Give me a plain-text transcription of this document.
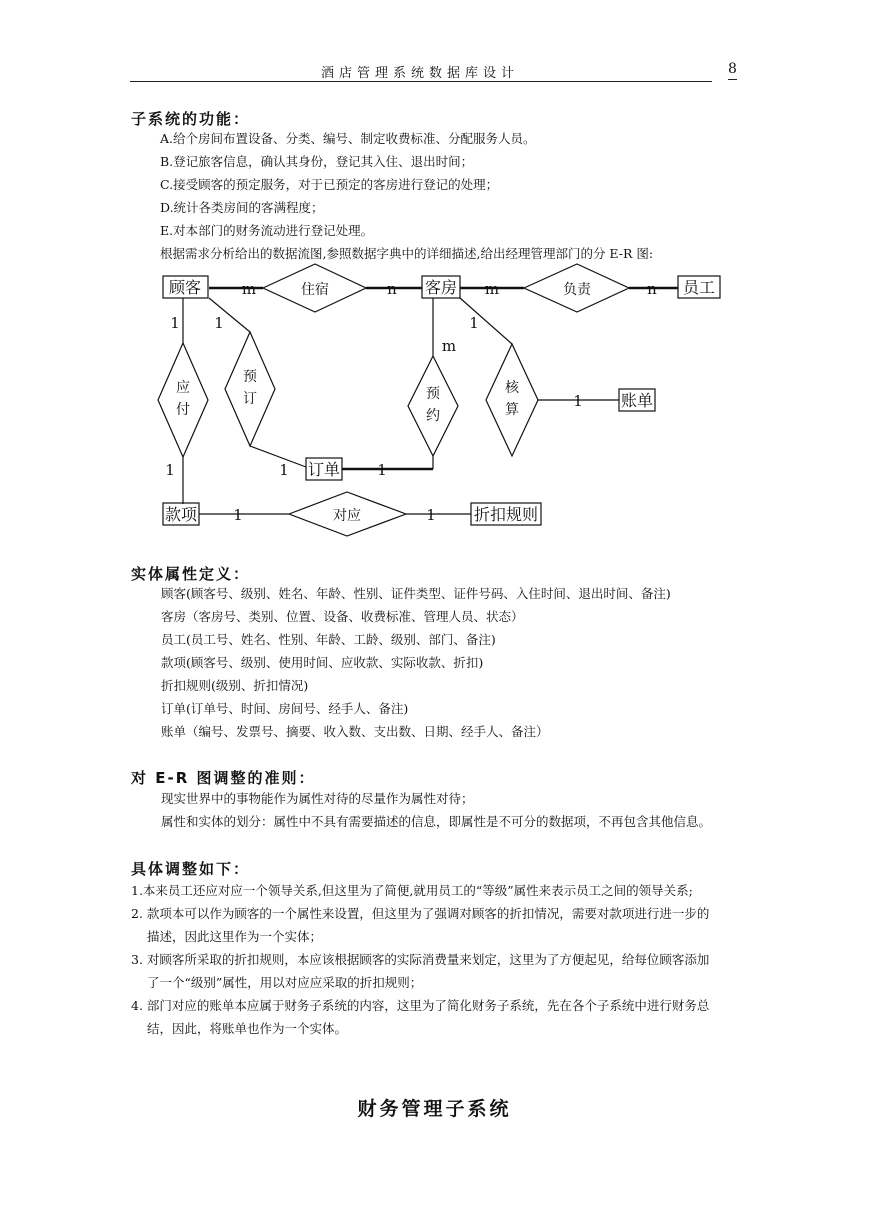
酒店管理系统数据库设计	8
子系统的功能：
A.给个房间布置设备、分类、编号、制定收费标准、分配服务人员。
B.登记旅客信息，确认其身份，登记其入住、退出时间；
C.接受顾客的预定服务，对于已预定的客房进行登记的处理；
D.统计各类房间的客满程度；
E.对本部门的财务流动进行登记处理。
根据需求分析给出的数据流图,参照数据字典中的详细描述,给出经理管理部门的分 E-R 图:
顾客	客房	员工
账单
订单
款项	折扣规则
住宿	负责
对应
应付
预订	预约
核算
m	n	m	n
1 1	1
m
1
1	1	1
1	1
实体属性定义：
顾客(顾客号、级别、姓名、年龄、性别、证件类型、证件号码、入住时间、退出时间、备注)
客房（客房号、类别、位置、设备、收费标准、管理人员、状态）
员工(员工号、姓名、性别、年龄、工龄、级别、部门、备注)
款项(顾客号、级别、使用时间、应收款、实际收款、折扣)
折扣规则(级别、折扣情况)
订单(订单号、时间、房间号、经手人、备注)
账单（编号、发票号、摘要、收入数、支出数、日期、经手人、备注）
对 E-R 图调整的准则：
现实世界中的事物能作为属性对待的尽量作为属性对待；
属性和实体的划分：属性中不具有需要描述的信息，即属性是不可分的数据项，不再包含其他信息。
具体调整如下：
1.本来员工还应对应一个领导关系,但这里为了简便,就用员工的“等级”属性来表示员工之间的领导关系;
2. 款项本可以作为顾客的一个属性来设置，但这里为了强调对顾客的折扣情况，需要对款项进行进一步的
描述，因此这里作为一个实体；
3. 对顾客所采取的折扣规则，本应该根据顾客的实际消费量来划定，这里为了方便起见，给每位顾客添加
了一个“级别”属性，用以对应应采取的折扣规则；
4. 部门对应的账单本应属于财务子系统的内容，这里为了简化财务子系统，先在各个子系统中进行财务总
结，因此，将账单也作为一个实体。
财务管理子系统
